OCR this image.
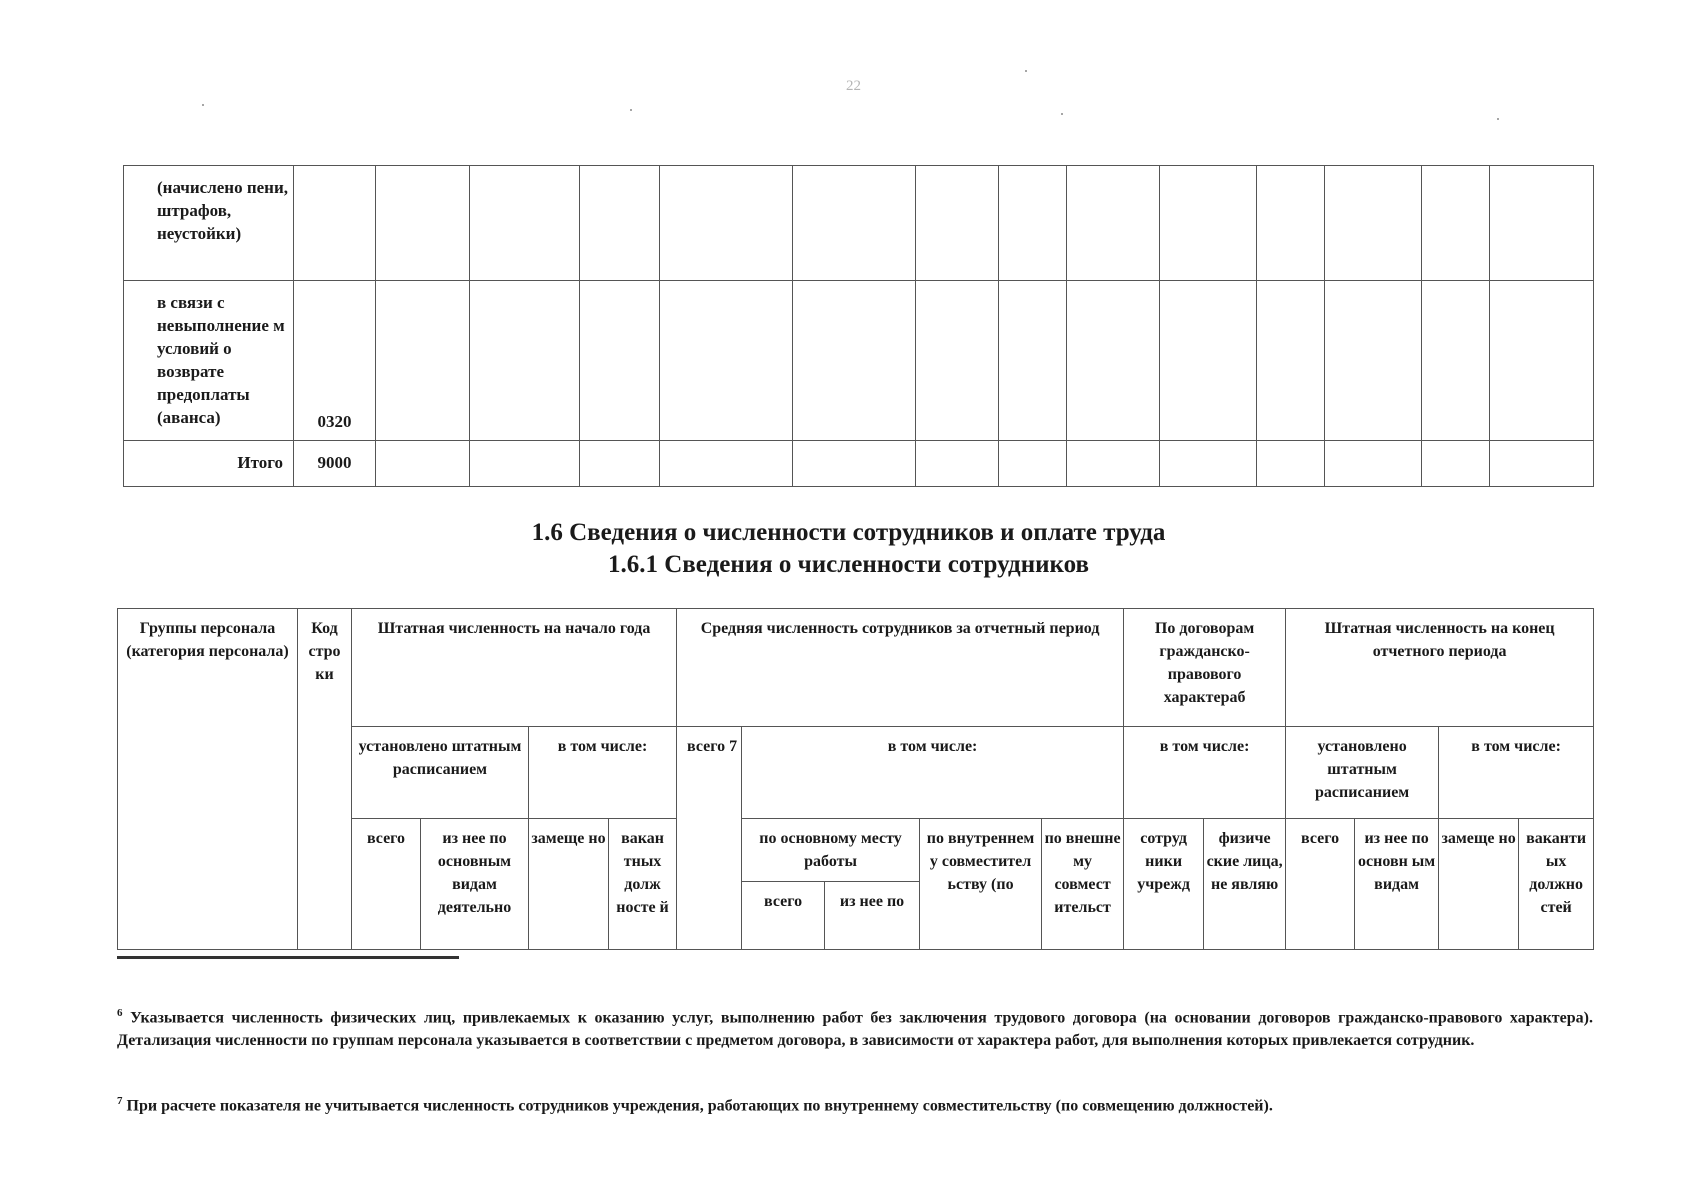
22
(начислено пени, штрафов, неустойки)														
в связи с невыполнение м условий о возврате предоплаты (аванса)	0320													
Итого	9000													
1.6 Сведения о численности сотрудников и оплате труда
1.6.1 Сведения о численности сотрудников
Группы персонала (категория персонала)	Код стро ки	Штатная численность на начало года				Средняя численность сотрудников за отчетный период					По договорам гражданско-правового характераб		Штатная численность на конец отчетного периода			
		установлено штатным расписанием		в том числе:		всего 7	в том числе:				в том числе:		установлено штатным расписанием		в том числе:	
		всего	из нее по основным видам деятельно	замеще но	вакан тных долж носте й		по основному месту работы		по внутреннем у совместител ьству (по	по внешне му совмест ительст	сотруд ники учрежд	физиче ские лица, не являю	всего	из нее по основн ым видам	замеще но	ваканти ых должно стей
							всего	из нее по								
$^6$ Указывается численность физических лиц, привлекаемых к оказанию услуг, выполнению работ без заключения трудового договора (на основании договоров гражданско-правового характера). Детализация численности по группам персонала указывается в соответствии с предметом договора, в зависимости от характера работ, для выполнения которых привлекается сотрудник.
$^7$ При расчете показателя не учитывается численность сотрудников учреждения, работающих по внутреннему совместительству (по совмещению должностей).
